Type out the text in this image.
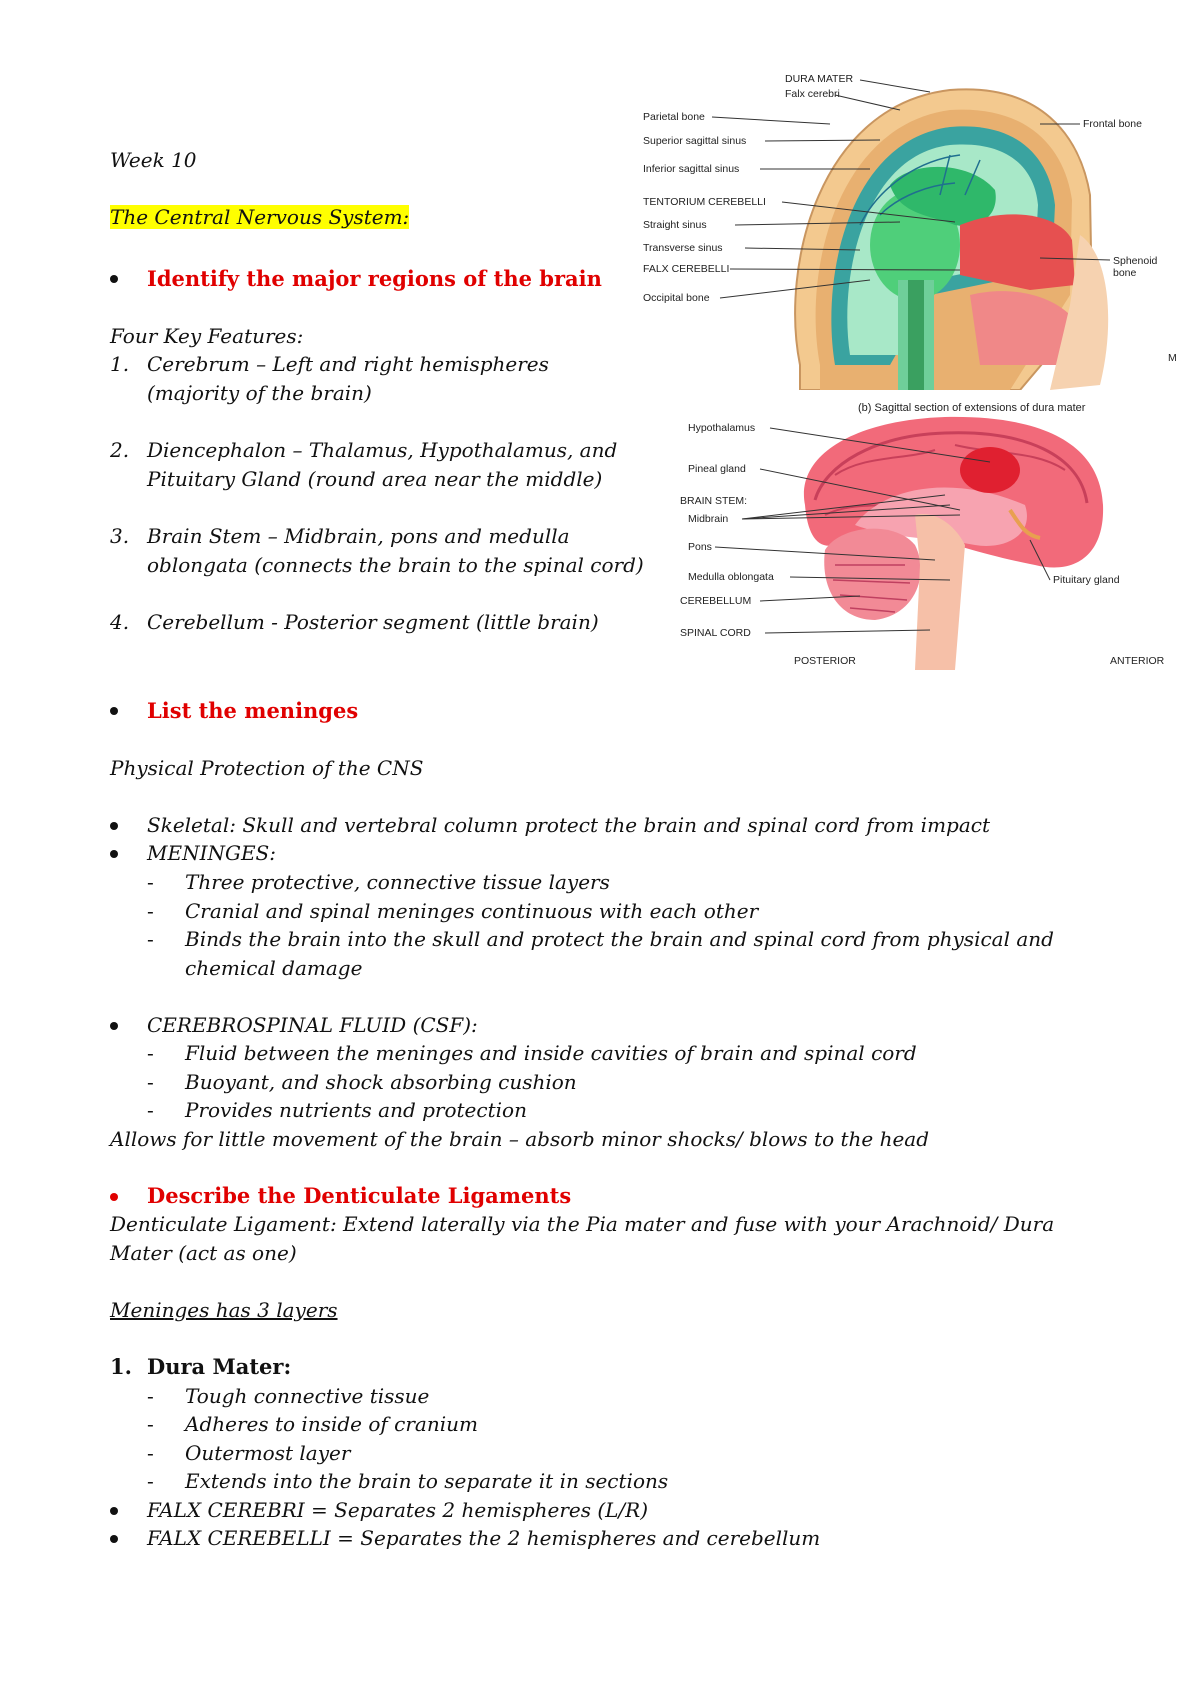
DURA MATER
Falx cerebri
Parietal bone
Superior sagittal sinus
Inferior sagittal sinus
TENTORIUM CEREBELLI
Straight sinus
Transverse sinus
FALX CEREBELLI
Occipital bone
Frontal bone
Sphenoid
bone
M
(b) Sagittal section of extensions of dura mater
Hypothalamus
Pineal gland
BRAIN STEM:
Midbrain
Pons
Medulla oblongata
CEREBELLUM
SPINAL CORD
Pituitary gland
POSTERIOR	ANTERIOR
Week 10
The Central Nervous System:
Identify the major regions of the brain
Four Key Features:
1. Cerebrum – Left and right hemispheres
(majority of the brain)
2. Diencephalon – Thalamus, Hypothalamus, and
Pituitary Gland (round area near the middle)
3. Brain Stem – Midbrain, pons and medulla
oblongata (connects the brain to the spinal cord)
4. Cerebellum - Posterior segment (little brain)
List the meninges
Physical Protection of the CNS
Skeletal: Skull and vertebral column protect the brain and spinal cord from impact
MENINGES:
- Three protective, connective tissue layers
- Cranial and spinal meninges continuous with each other
- Binds the brain into the skull and protect the brain and spinal cord from physical and
chemical damage
CEREBROSPINAL FLUID (CSF):
- Fluid between the meninges and inside cavities of brain and spinal cord
- Buoyant, and shock absorbing cushion
- Provides nutrients and protection
Allows for little movement of the brain – absorb minor shocks/ blows to the head
Describe the Denticulate Ligaments
Denticulate Ligament: Extend laterally via the Pia mater and fuse with your Arachnoid/ Dura
Mater (act as one)
Meninges has 3 layers
1. Dura Mater:
- Tough connective tissue
- Adheres to inside of cranium
- Outermost layer
- Extends into the brain to separate it in sections
FALX CEREBRI = Separates 2 hemispheres (L/R)
FALX CEREBELLI = Separates the 2 hemispheres and cerebellum
